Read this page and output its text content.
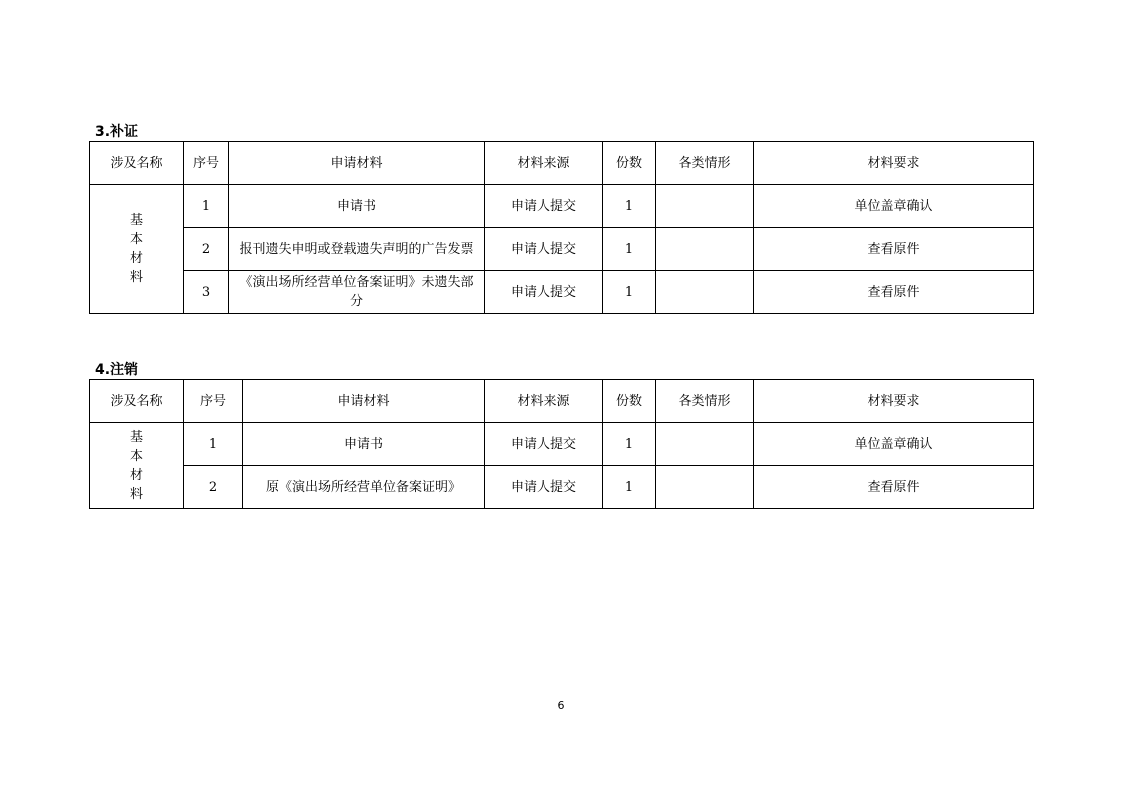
3.补证
涉及名称	序号	申请材料	材料来源	份数	各类情形	材料要求

基
本
材
料	1	申请书	申请人提交	1		单位盖章确认
	2	报刊遗失申明或登载遗失声明的广告发票	申请人提交	1		查看原件
	3	《演出场所经营单位备案证明》未遗失部分	申请人提交	1		查看原件
4.注销
涉及名称	序号	申请材料	材料来源	份数	各类情形	材料要求

基
本
材
料	1	申请书	申请人提交	1		单位盖章确认
	2	原《演出场所经营单位备案证明》	申请人提交	1		查看原件
6
